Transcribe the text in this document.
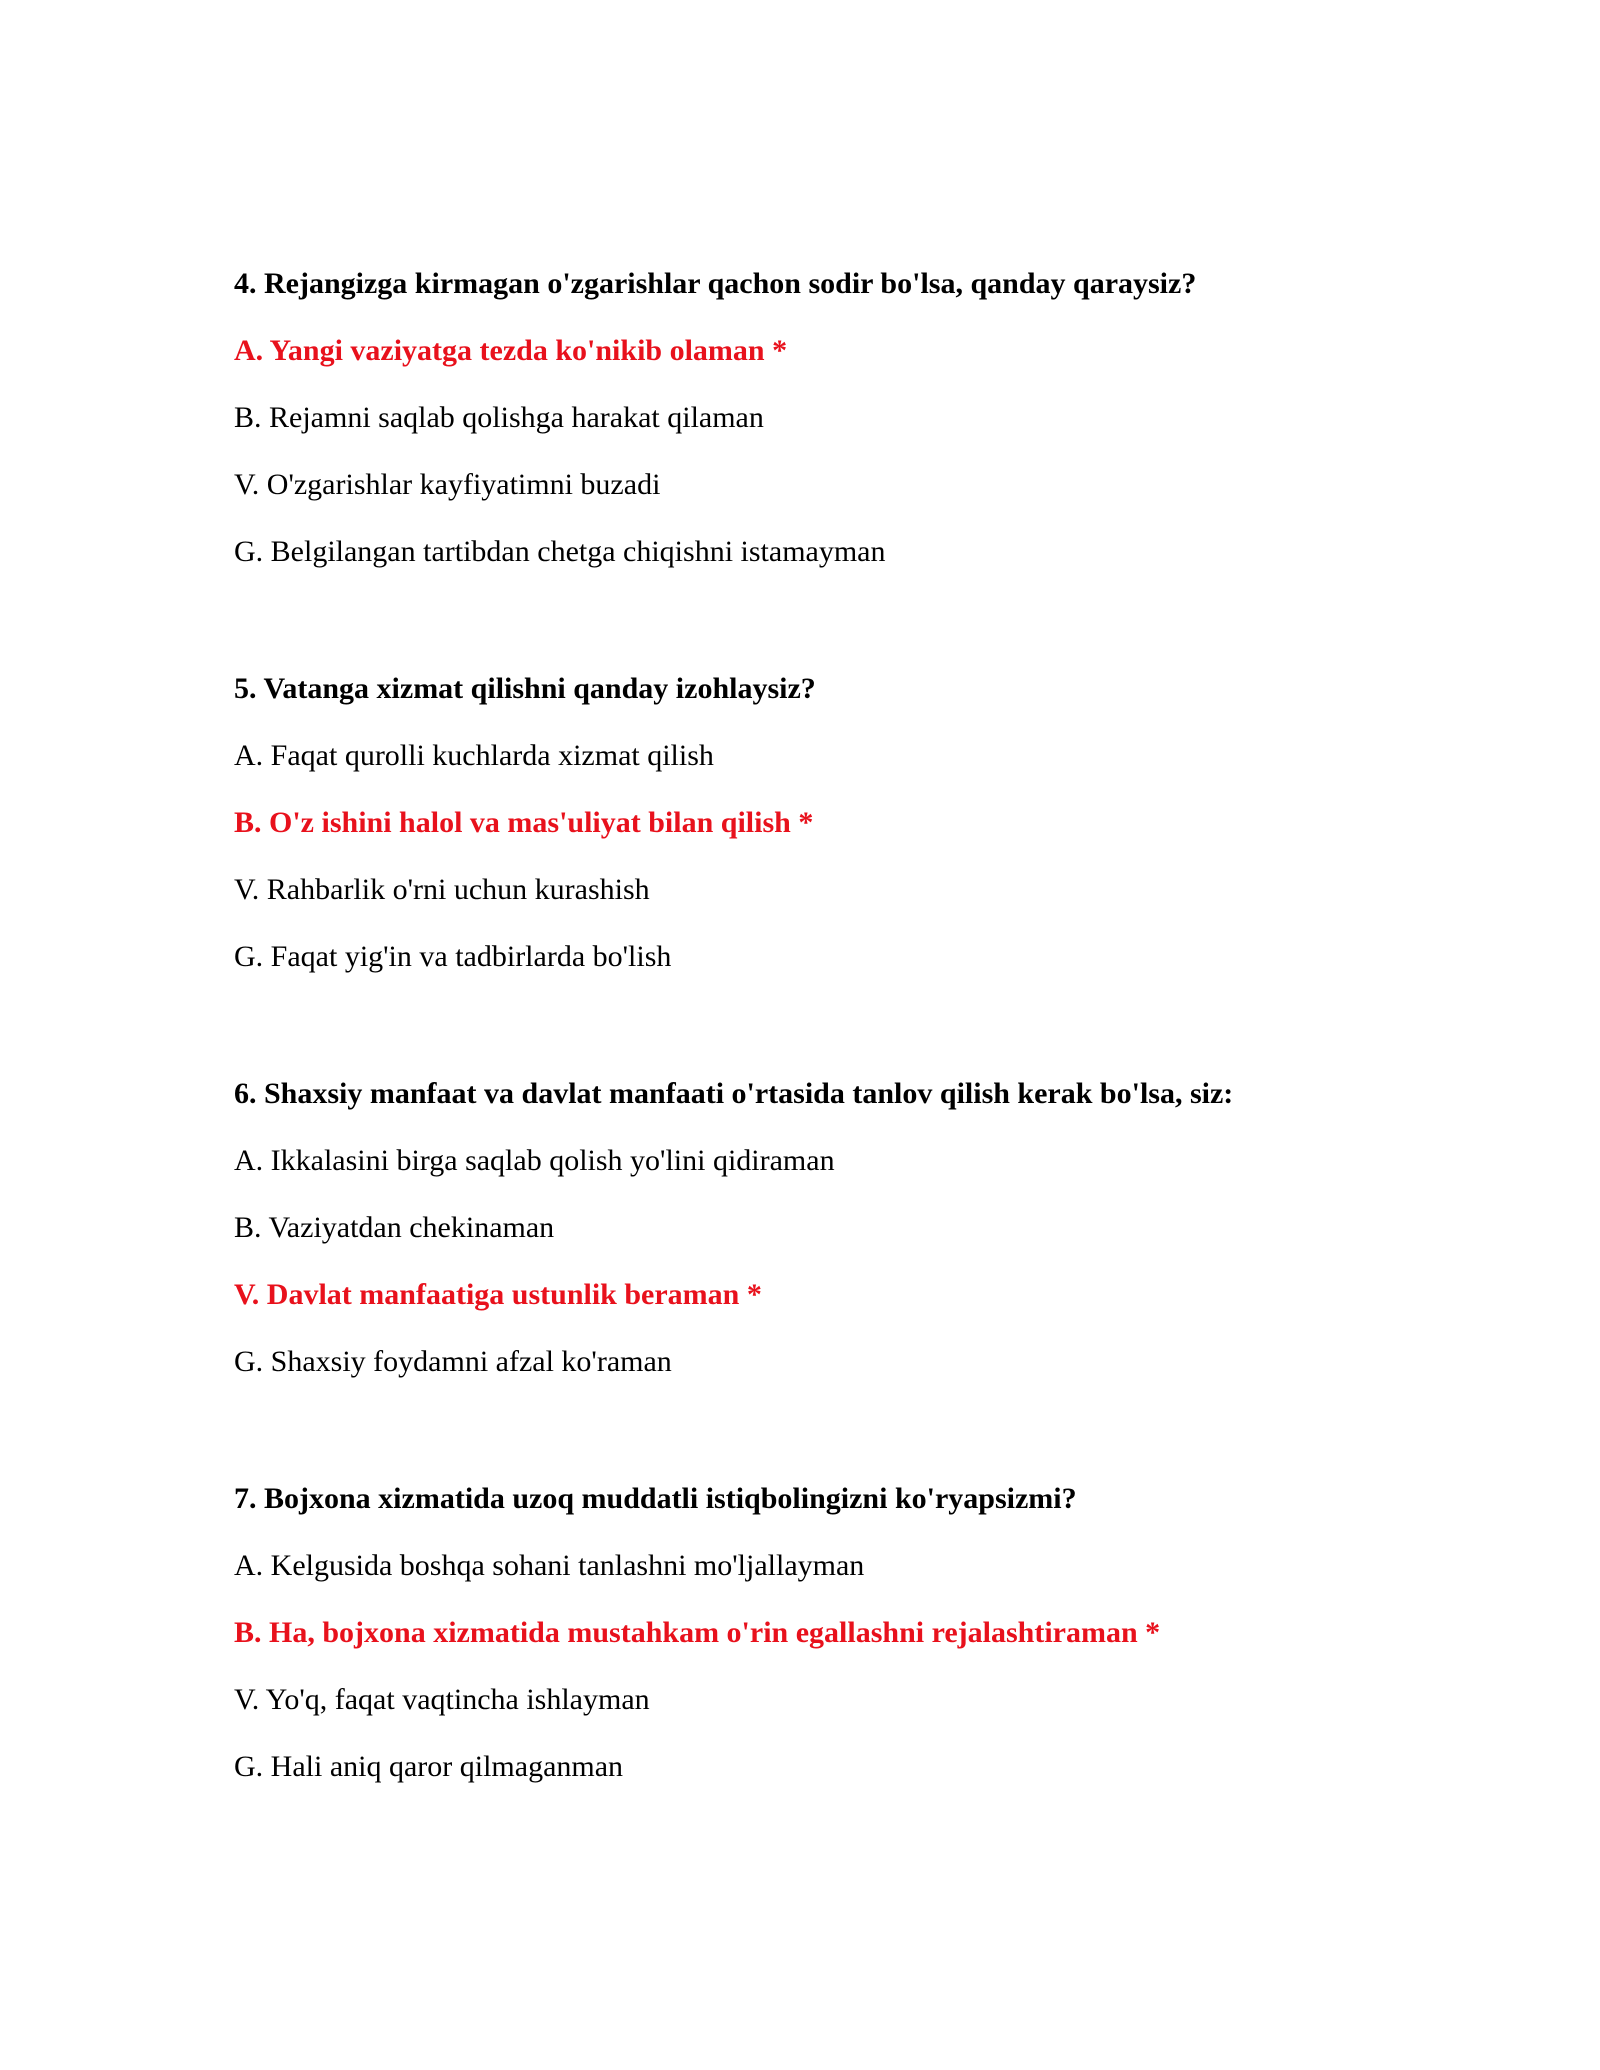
4. Rejangizga kirmagan o'zgarishlar qachon sodir bo'lsa, qanday qaraysiz?
A. Yangi vaziyatga tezda ko'nikib olaman *
B. Rejamni saqlab qolishga harakat qilaman
V. O'zgarishlar kayfiyatimni buzadi
G. Belgilangan tartibdan chetga chiqishni istamayman
5. Vatanga xizmat qilishni qanday izohlaysiz?
A. Faqat qurolli kuchlarda xizmat qilish
B. O'z ishini halol va mas'uliyat bilan qilish *
V. Rahbarlik o'rni uchun kurashish
G. Faqat yig'in va tadbirlarda bo'lish
6. Shaxsiy manfaat va davlat manfaati o'rtasida tanlov qilish kerak bo'lsa, siz:
A. Ikkalasini birga saqlab qolish yo'lini qidiraman
B. Vaziyatdan chekinaman
V. Davlat manfaatiga ustunlik beraman *
G. Shaxsiy foydamni afzal ko'raman
7. Bojxona xizmatida uzoq muddatli istiqbolingizni ko'ryapsizmi?
A. Kelgusida boshqa sohani tanlashni mo'ljallayman
B. Ha, bojxona xizmatida mustahkam o'rin egallashni rejalashtiraman *
V. Yo'q, faqat vaqtincha ishlayman
G. Hali aniq qaror qilmaganman
